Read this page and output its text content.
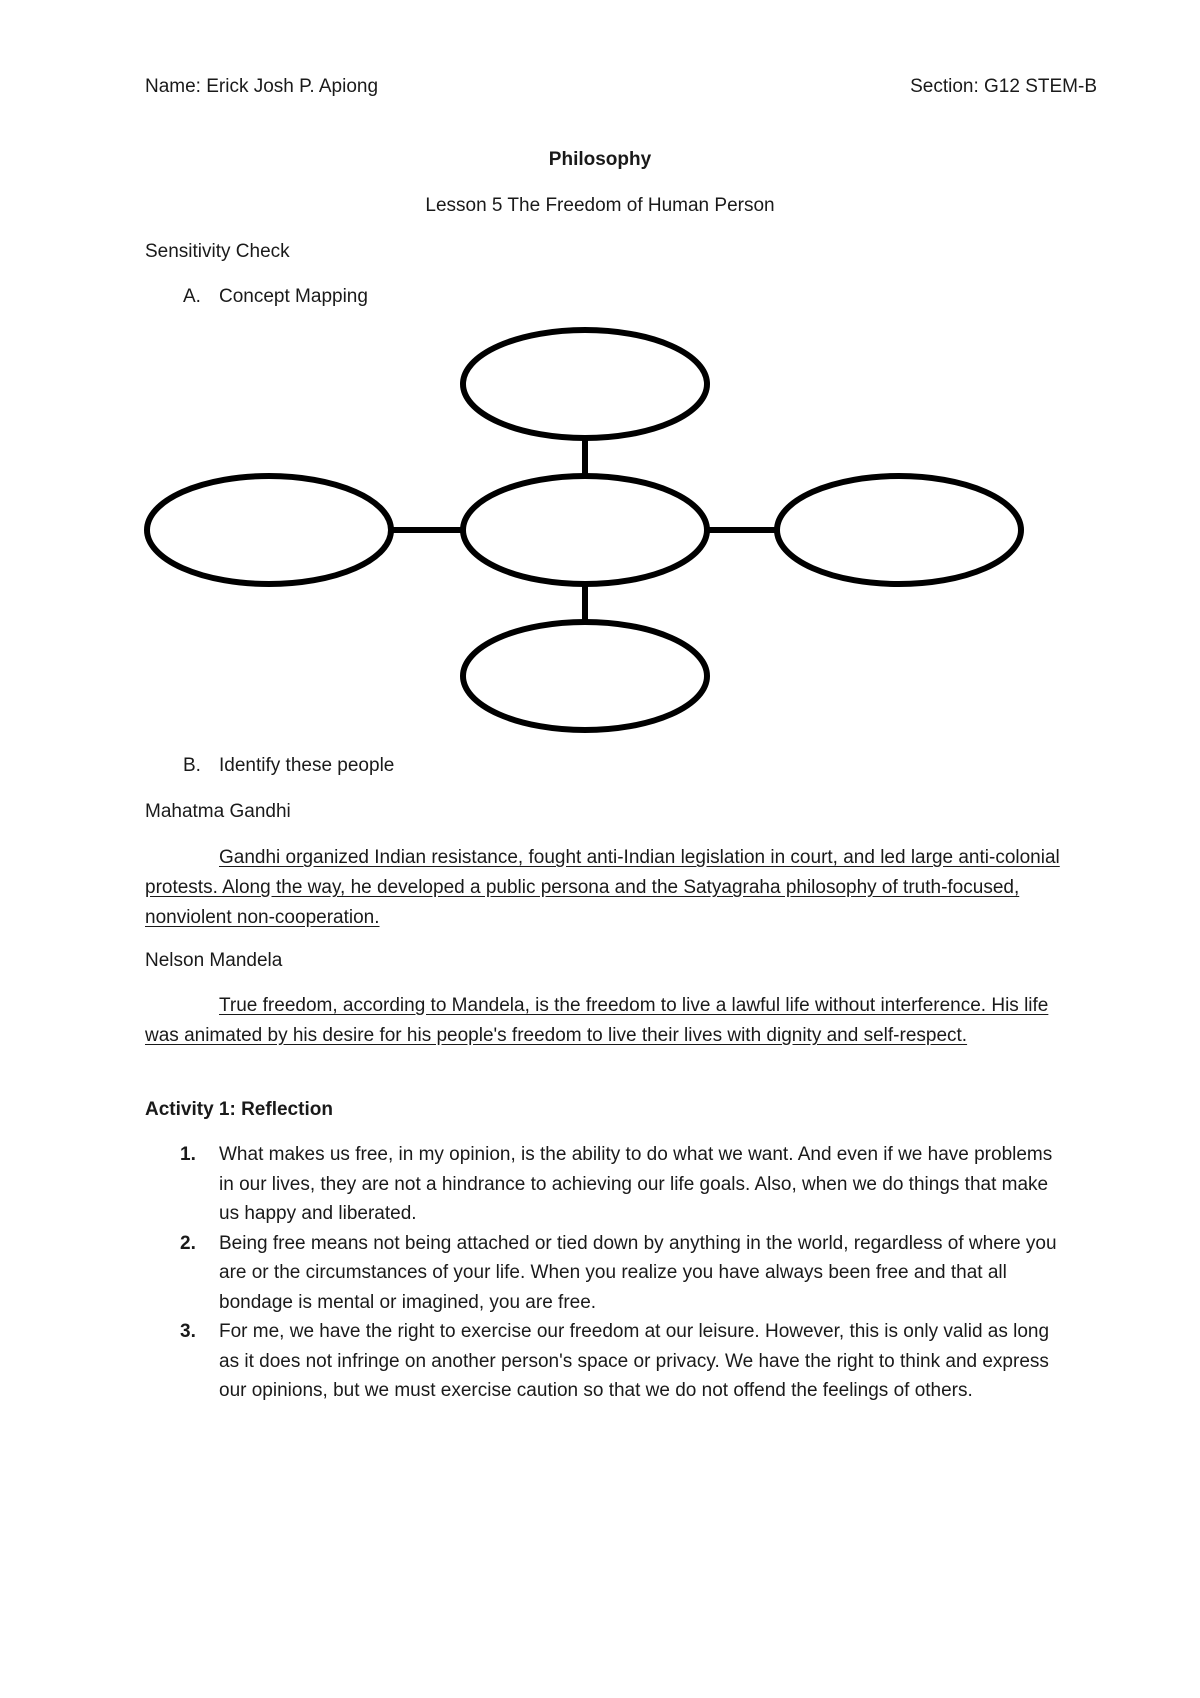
Name: Erick Josh P. Apiong	Section: G12 STEM-B
Philosophy
Lesson 5 The Freedom of Human Person
Sensitivity Check
A. Concept Mapping
B. Identify these people
Mahatma Gandhi
Gandhi organized Indian resistance, fought anti-Indian legislation in court, and led large anti-colonial protests. Along the way, he developed a public persona and the Satyagraha philosophy of truth-focused, nonviolent non-cooperation.
Nelson Mandela
True freedom, according to Mandela, is the freedom to live a lawful life without interference. His life was animated by his desire for his people's freedom to live their lives with dignity and self-respect.
Activity 1: Reflection
1. What makes us free, in my opinion, is the ability to do what we want. And even if we have problems in our lives, they are not a hindrance to achieving our life goals. Also, when we do things that make us happy and liberated.
2. Being free means not being attached or tied down by anything in the world, regardless of where you are or the circumstances of your life. When you realize you have always been free and that all bondage is mental or imagined, you are free.
3. For me, we have the right to exercise our freedom at our leisure. However, this is only valid as long as it does not infringe on another person's space or privacy. We have the right to think and express our opinions, but we must exercise caution so that we do not offend the feelings of others.
